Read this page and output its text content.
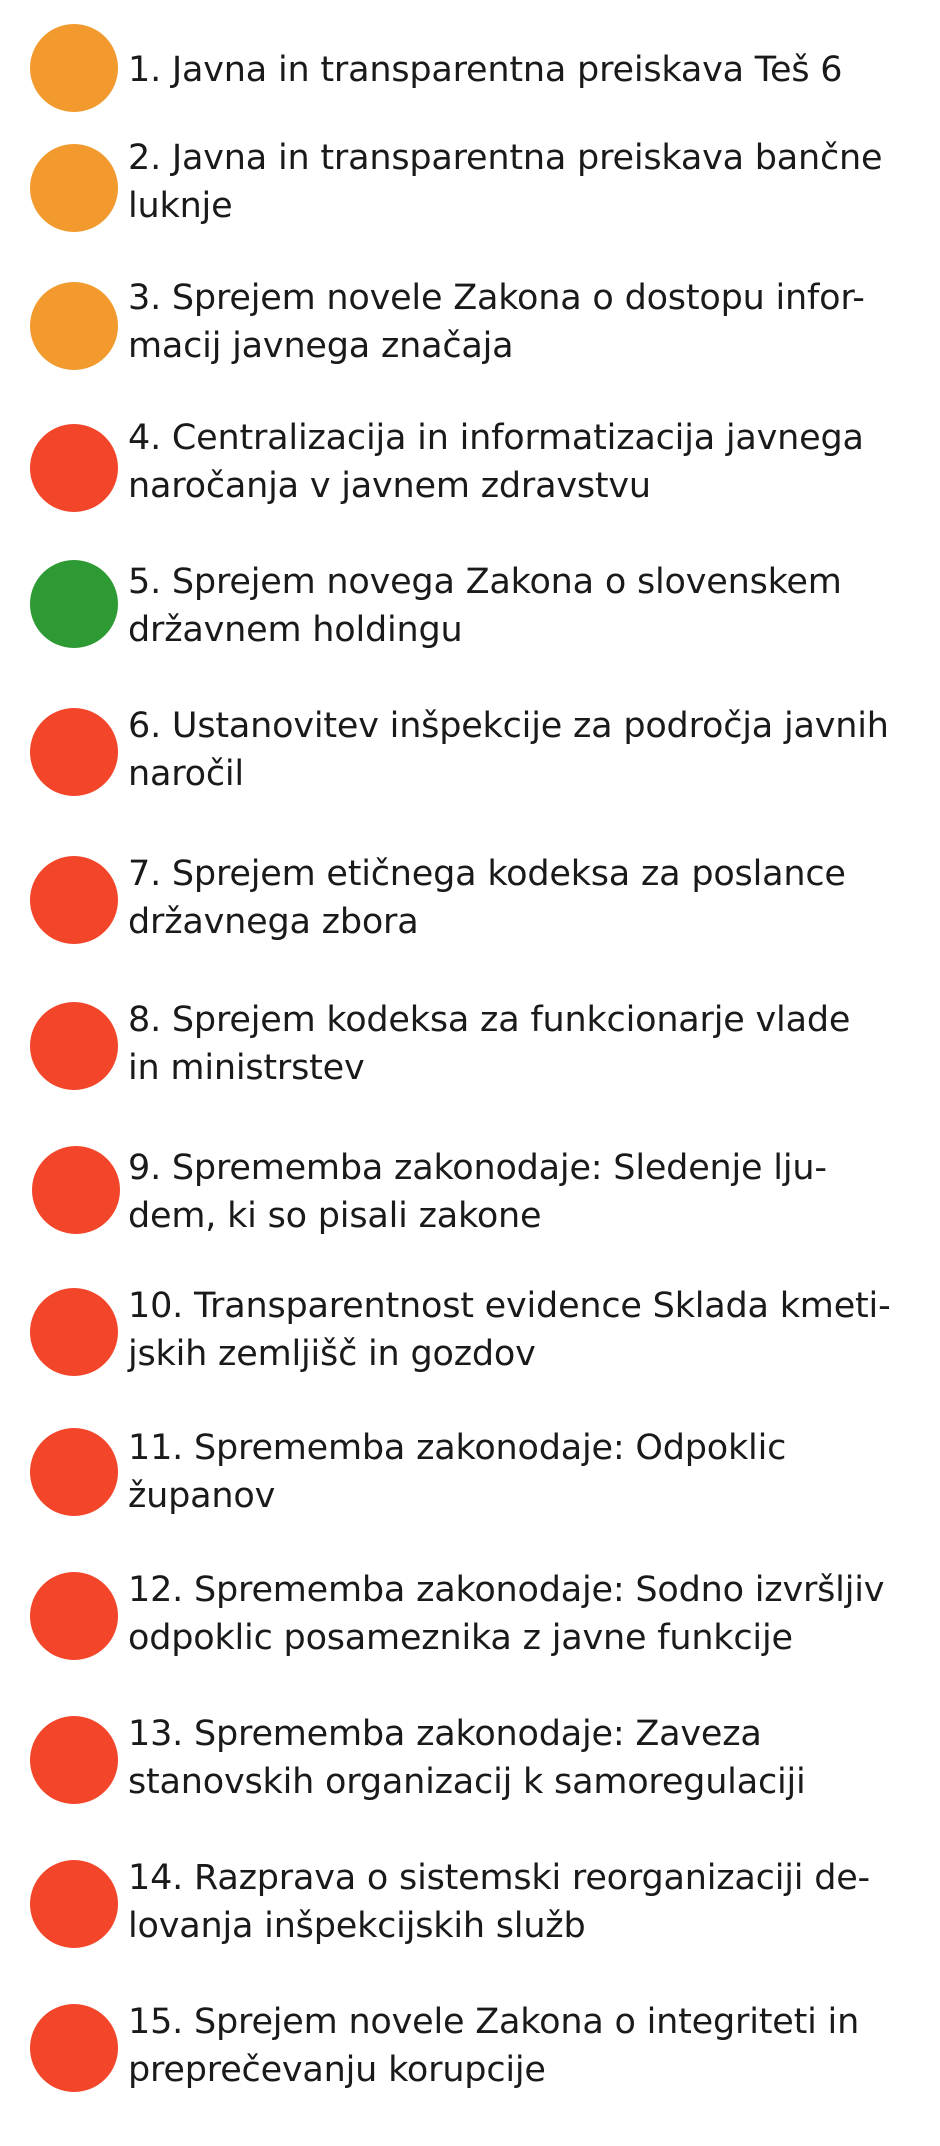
1. Javna in transparentna preiskava Teš 6
2. Javna in transparentna preiskava bančne
luknje
3. Sprejem novele Zakona o dostopu infor-
macij javnega značaja
4. Centralizacija in informatizacija javnega
naročanja v javnem zdravstvu
5. Sprejem novega Zakona o slovenskem
državnem holdingu
6. Ustanovitev inšpekcije za področja javnih
naročil
7. Sprejem etičnega kodeksa za poslance
državnega zbora
8. Sprejem kodeksa za funkcionarje vlade
in ministrstev
9. Sprememba zakonodaje: Sledenje lju-
dem, ki so pisali zakone
10. Transparentnost evidence Sklada kmeti-
jskih zemljišč in gozdov
11. Sprememba zakonodaje: Odpoklic
županov
12. Sprememba zakonodaje: Sodno izvršljiv
odpoklic posameznika z javne funkcije
13. Sprememba zakonodaje: Zaveza
stanovskih organizacij k samoregulaciji
14. Razprava o sistemski reorganizaciji de-
lovanja inšpekcijskih služb
15. Sprejem novele Zakona o integriteti in
preprečevanju korupcije
